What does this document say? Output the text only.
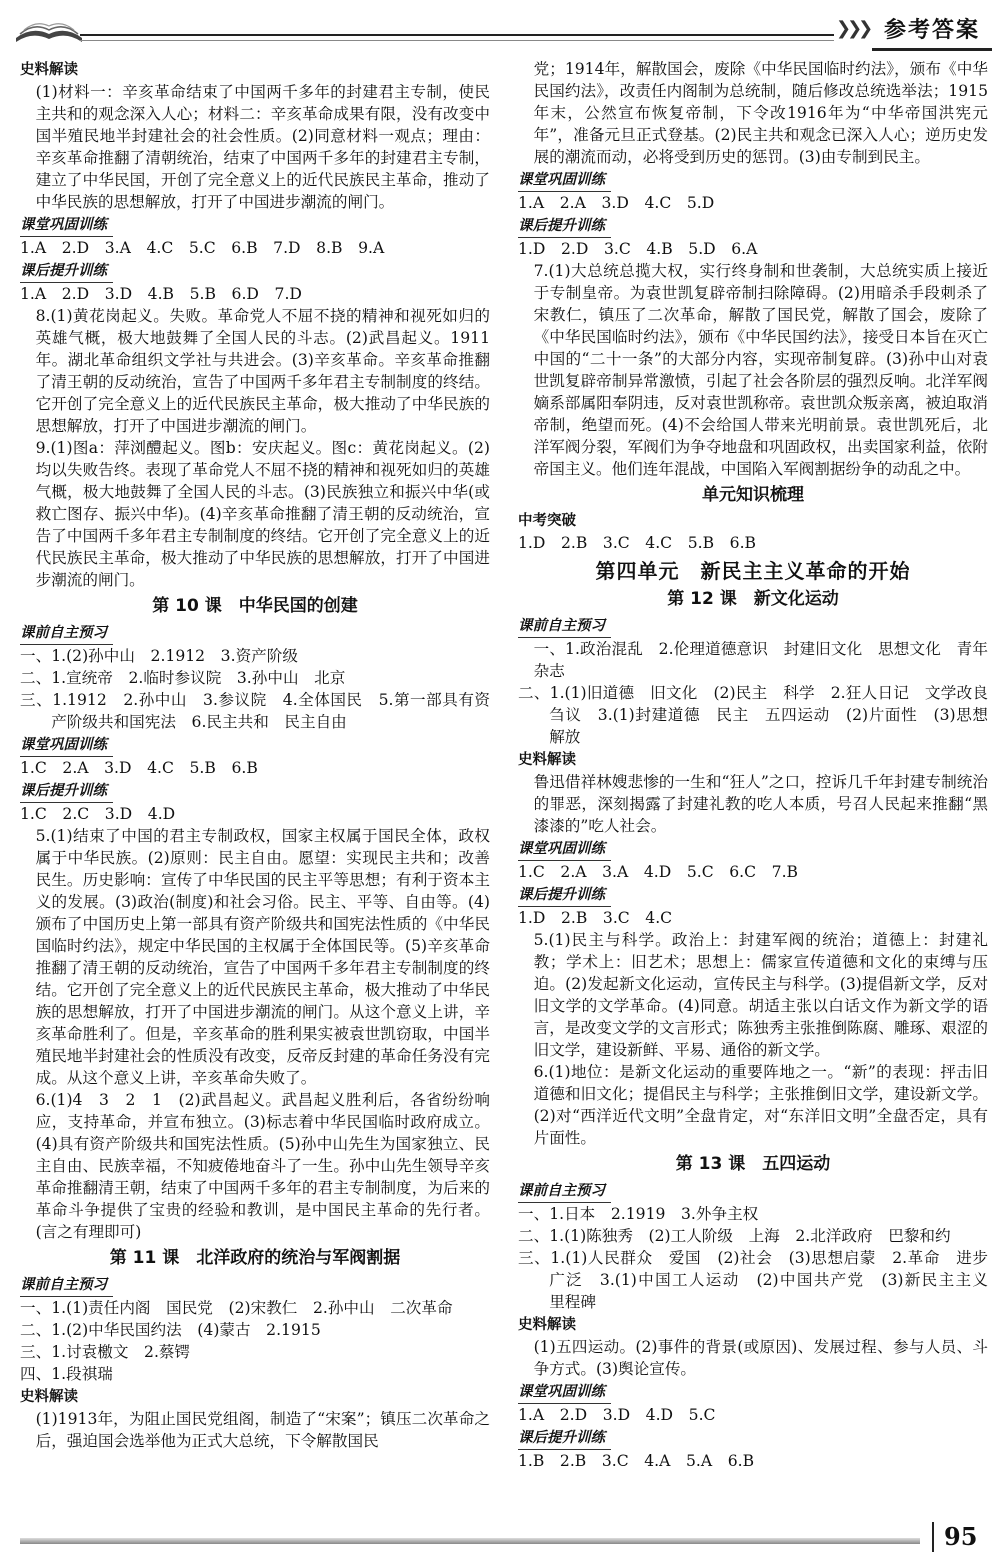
❯❯❯ 参考答案
史料解读
(1)材料一：辛亥革命结束了中国两千多年的封建君主专制，使民主共和的观念深入人心；材料二：辛亥革命成果有限，没有改变中国半殖民地半封建社会的社会性质。(2)同意材料一观点；理由：辛亥革命推翻了清朝统治，结束了中国两千多年的封建君主专制，建立了中华民国，开创了完全意义上的近代民族民主革命，推动了中华民族的思想解放，打开了中国进步潮流的闸门。
课堂巩固训练
1.A　2.D　3.A　4.C　5.C　6.B　7.D　8.B　9.A
课后提升训练
1.A　2.D　3.D　4.B　5.B　6.D　7.D
8.(1)黄花岗起义。失败。革命党人不屈不挠的精神和视死如归的英雄气概，极大地鼓舞了全国人民的斗志。(2)武昌起义。1911年。湖北革命组织文学社与共进会。(3)辛亥革命。辛亥革命推翻了清王朝的反动统治，宣告了中国两千多年君主专制制度的终结。它开创了完全意义上的近代民族民主革命，极大推动了中华民族的思想解放，打开了中国进步潮流的闸门。
9.(1)图a：萍浏醴起义。图b：安庆起义。图c：黄花岗起义。(2)均以失败告终。表现了革命党人不屈不挠的精神和视死如归的英雄气概，极大地鼓舞了全国人民的斗志。(3)民族独立和振兴中华(或救亡图存、振兴中华)。(4)辛亥革命推翻了清王朝的反动统治，宣告了中国两千多年君主专制制度的终结。它开创了完全意义上的近代民族民主革命，极大推动了中华民族的思想解放，打开了中国进步潮流的闸门。
第 10 课　中华民国的创建
课前自主预习
一、1.(2)孙中山　2.1912　3.资产阶级
二、1.宣统帝　2.临时参议院　3.孙中山　北京
三、1.1912　2.孙中山　3.参议院　4.全体国民　5.第一部具有资产阶级共和国宪法　6.民主共和　民主自由
课堂巩固训练
1.C　2.A　3.D　4.C　5.B　6.B
课后提升训练
1.C　2.C　3.D　4.D
5.(1)结束了中国的君主专制政权，国家主权属于国民全体，政权属于中华民族。(2)原则：民主自由。愿望：实现民主共和；改善民生。历史影响：宣传了中华民国的民主平等思想；有利于资本主义的发展。(3)政治(制度)和社会习俗。民主、平等、自由等。(4)颁布了中国历史上第一部具有资产阶级共和国宪法性质的《中华民国临时约法》，规定中华民国的主权属于全体国民等。(5)辛亥革命推翻了清王朝的反动统治，宣告了中国两千多年君主专制制度的终结。它开创了完全意义上的近代民族民主革命，极大推动了中华民族的思想解放，打开了中国进步潮流的闸门。从这个意义上讲，辛亥革命胜利了。但是，辛亥革命的胜利果实被袁世凯窃取，中国半殖民地半封建社会的性质没有改变，反帝反封建的革命任务没有完成。从这个意义上讲，辛亥革命失败了。
6.(1)4　3　2　1　(2)武昌起义。武昌起义胜利后，各省纷纷响应，支持革命，并宣布独立。(3)标志着中华民国临时政府成立。(4)具有资产阶级共和国宪法性质。(5)孙中山先生为国家独立、民主自由、民族幸福，不知疲倦地奋斗了一生。孙中山先生领导辛亥革命推翻清王朝，结束了中国两千多年的君主专制制度，为后来的革命斗争提供了宝贵的经验和教训，是中国民主革命的先行者。(言之有理即可)
第 11 课　北洋政府的统治与军阀割据
课前自主预习
一、1.(1)责任内阁　国民党　(2)宋教仁　2.孙中山　二次革命
二、1.(2)中华民国约法　(4)蒙古　2.1915
三、1.讨袁檄文　2.蔡锷
四、1.段祺瑞
史料解读
(1)1913年，为阻止国民党组阁，制造了“宋案”；镇压二次革命之后，强迫国会选举他为正式大总统，下令解散国民
党；1914年，解散国会，废除《中华民国临时约法》，颁布《中华民国约法》，改责任内阁制为总统制，随后修改总统选举法；1915年末，公然宣布恢复帝制，下令改1916年为“中华帝国洪宪元年”，准备元旦正式登基。(2)民主共和观念已深入人心；逆历史发展的潮流而动，必将受到历史的惩罚。(3)由专制到民主。
课堂巩固训练
1.A　2.A　3.D　4.C　5.D
课后提升训练
1.D　2.D　3.C　4.B　5.D　6.A
7.(1)大总统总揽大权，实行终身制和世袭制，大总统实质上接近于专制皇帝。为袁世凯复辟帝制扫除障碍。(2)用暗杀手段刺杀了宋教仁，镇压了二次革命，解散了国民党，解散了国会，废除了《中华民国临时约法》，颁布《中华民国约法》，接受日本旨在灭亡中国的“二十一条”的大部分内容，实现帝制复辟。(3)孙中山对袁世凯复辟帝制异常激愤，引起了社会各阶层的强烈反响。北洋军阀嫡系部属阳奉阴违，反对袁世凯称帝。袁世凯众叛亲离，被迫取消帝制，绝望而死。(4)不会给国人带来光明前景。袁世凯死后，北洋军阀分裂，军阀们为争夺地盘和巩固政权，出卖国家利益，依附帝国主义。他们连年混战，中国陷入军阀割据纷争的动乱之中。
单元知识梳理
中考突破
1.D　2.B　3.C　4.C　5.B　6.B
第四单元　新民主主义革命的开始
第 12 课　新文化运动
课前自主预习
一、1.政治混乱　2.伦理道德意识　封建旧文化　思想文化　青年杂志
二、1.(1)旧道德　旧文化　(2)民主　科学　2.狂人日记　文学改良刍议　3.(1)封建道德　民主　五四运动　(2)片面性　(3)思想解放
史料解读
鲁迅借祥林嫂悲惨的一生和“狂人”之口，控诉几千年封建专制统治的罪恶，深刻揭露了封建礼教的吃人本质，号召人民起来推翻“黑漆漆的”吃人社会。
课堂巩固训练
1.C　2.A　3.A　4.D　5.C　6.C　7.B
课后提升训练
1.D　2.B　3.C　4.C
5.(1)民主与科学。政治上：封建军阀的统治；道德上：封建礼教；学术上：旧艺术；思想上：儒家宣传道德和文化的束缚与压迫。(2)发起新文化运动，宣传民主与科学。(3)提倡新文学，反对旧文学的文学革命。(4)同意。胡适主张以白话文作为新文学的语言，是改变文学的文言形式；陈独秀主张推倒陈腐、雕琢、艰涩的旧文学，建设新鲜、平易、通俗的新文学。
6.(1)地位：是新文化运动的重要阵地之一。“新”的表现：抨击旧道德和旧文化；提倡民主与科学；主张推倒旧文学，建设新文学。(2)对“西洋近代文明”全盘肯定，对“东洋旧文明”全盘否定，具有片面性。
第 13 课　五四运动
课前自主预习
一、1.日本　2.1919　3.外争主权
二、1.(1)陈独秀　(2)工人阶级　上海　2.北洋政府　巴黎和约
三、1.(1)人民群众　爱国　(2)社会　(3)思想启蒙　2.革命　进步　广泛　3.(1)中国工人运动　(2)中国共产党　(3)新民主主义　里程碑
史料解读
(1)五四运动。(2)事件的背景(或原因)、发展过程、参与人员、斗争方式。(3)舆论宣传。
课堂巩固训练
1.A　2.D　3.D　4.D　5.C
课后提升训练
1.B　2.B　3.C　4.A　5.A　6.B
95
